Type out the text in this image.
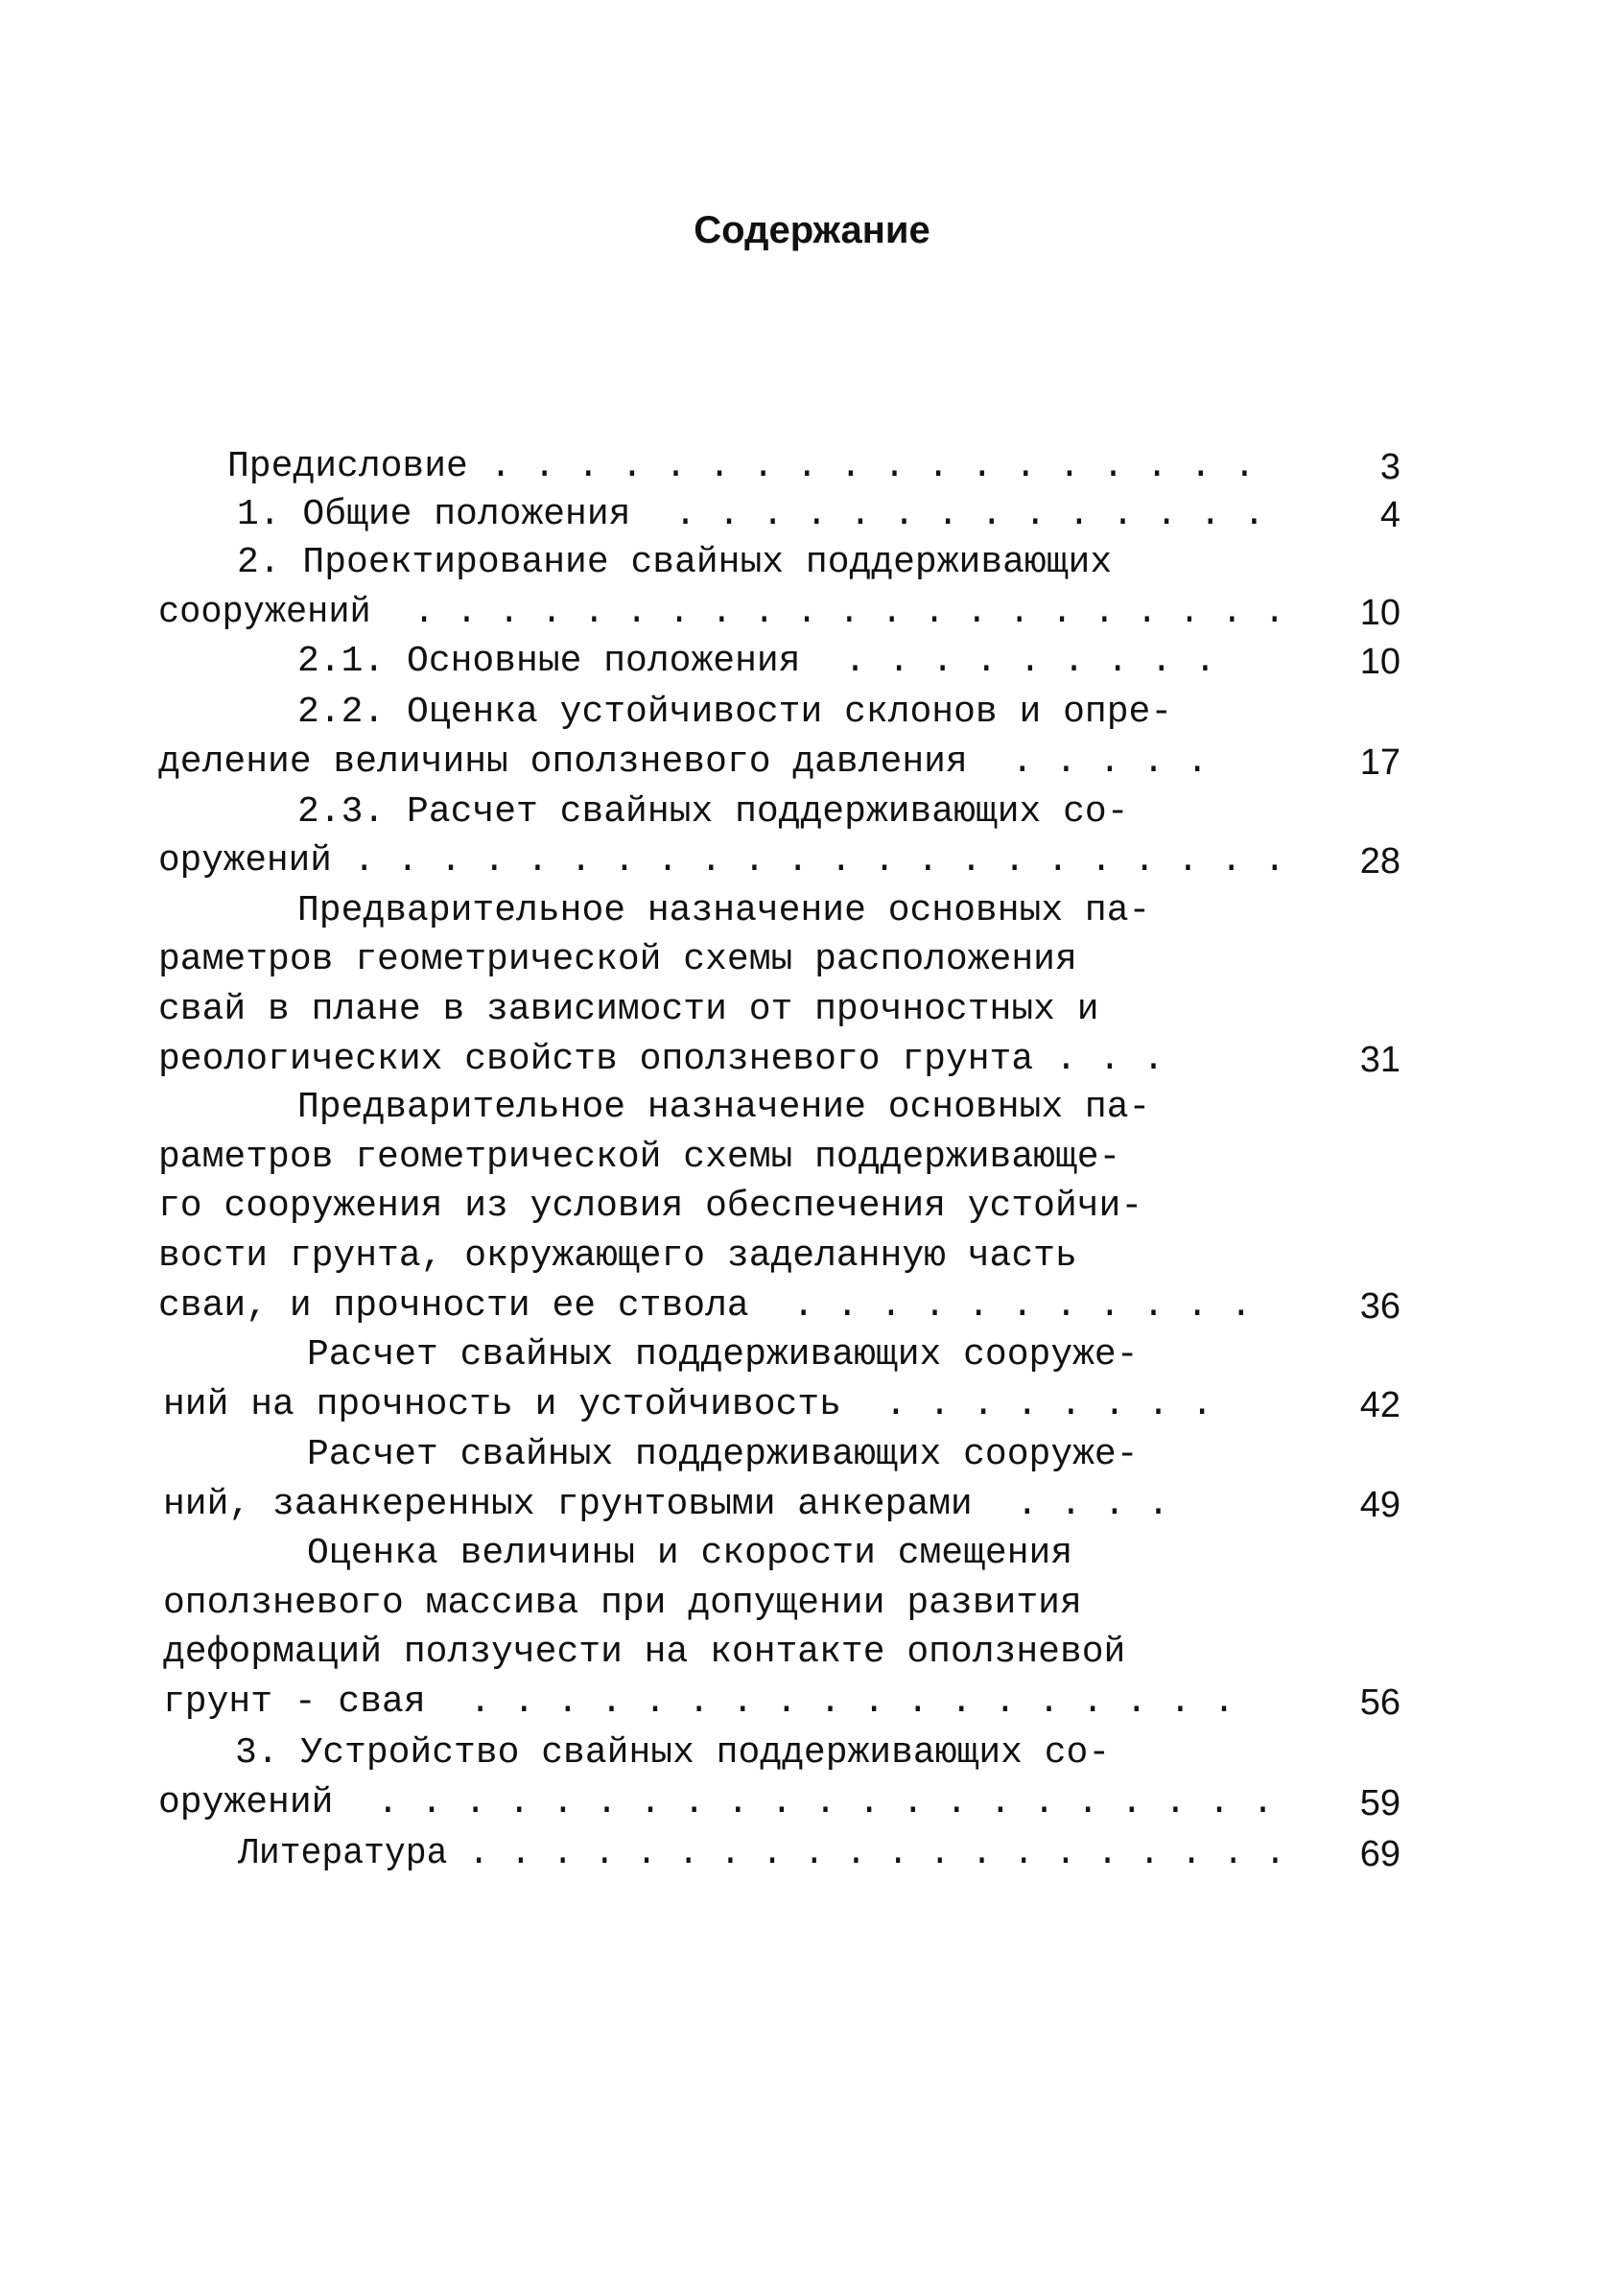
Содержание
Предисловие . . . . . . . . . . . . . . . . . .	3
1. Общие положения  . . . . . . . . . . . . . .	4
2. Проектирование свайных поддерживающих
сооружений  . . . . . . . . . . . . . . . . . . . . .	10
2.1. Основные положения  . . . . . . . . .	10
2.2. Оценка устойчивости склонов и опре-
деление величины оползневого давления  . . . . .	17
2.3. Расчет свайных поддерживающих со-
оружений . . . . . . . . . . . . . . . . . . . . . .	28
Предварительное назначение основных па-
раметров геометрической схемы расположения
свай в плане в зависимости от прочностных и
реологических свойств оползневого грунта . . .	31
Предварительное назначение основных па-
раметров геометрической схемы поддерживающе-
го сооружения из условия обеспечения устойчи-
вости грунта, окружающего заделанную часть
сваи, и прочности ее ствола  . . . . . . . . . . .	36
Расчет свайных поддерживающих сооруже-
ний на прочность и устойчивость  . . . . . . . .	42
Расчет свайных поддерживающих сооруже-
ний, заанкеренных грунтовыми анкерами  . . . .	49
Оценка величины и скорости смещения
оползневого массива при допущении развития
деформаций ползучести на контакте оползневой
грунт - свая  . . . . . . . . . . . . . . . . . .	56
3. Устройство свайных поддерживающих со-
оружений  . . . . . . . . . . . . . . . . . . . . .	59
Литература . . . . . . . . . . . . . . . . . . . .	69
